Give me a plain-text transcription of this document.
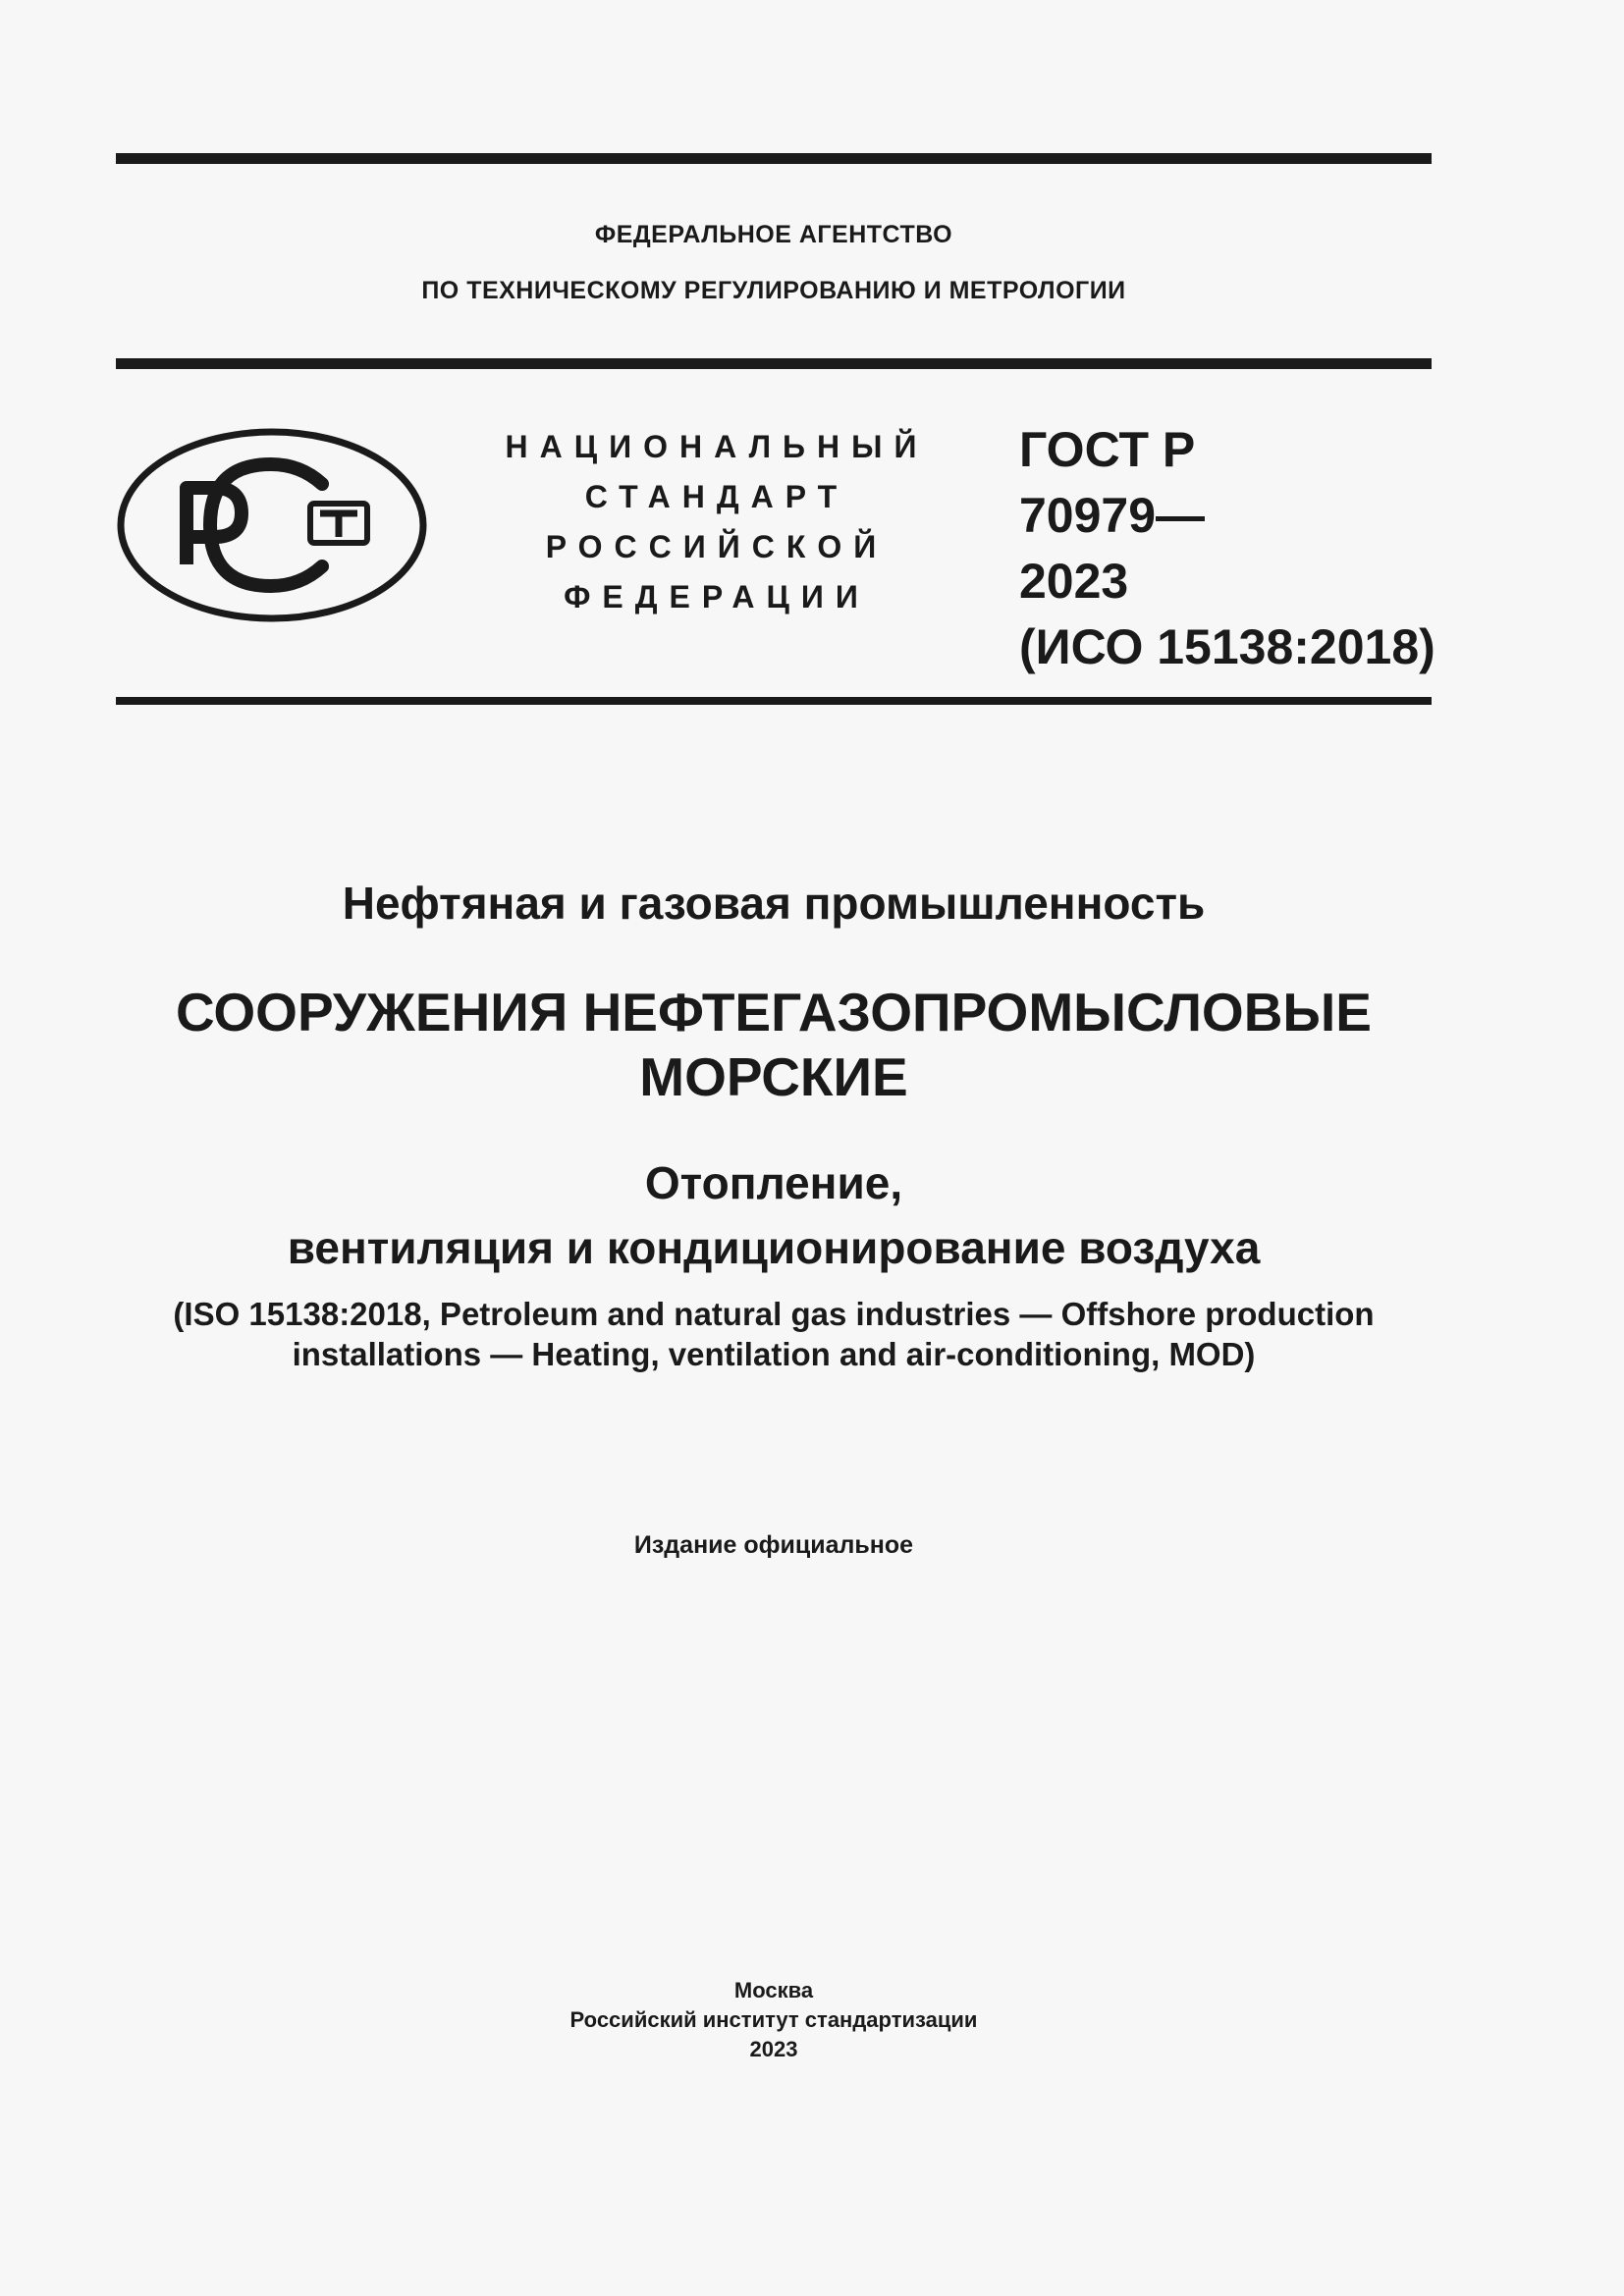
ФЕДЕРАЛЬНОЕ АГЕНТСТВО
ПО ТЕХНИЧЕСКОМУ РЕГУЛИРОВАНИЮ И МЕТРОЛОГИИ
НАЦИОНАЛЬНЫЙ
СТАНДАРТ
РОССИЙСКОЙ
ФЕДЕРАЦИИ
ГОСТ Р
70979—
2023
(ИСО 15138:2018)
Нефтяная и газовая промышленность
СООРУЖЕНИЯ НЕФТЕГАЗОПРОМЫСЛОВЫЕ
МОРСКИЕ
Отопление,
вентиляция и кондиционирование воздуха
(ISO 15138:2018, Petroleum and natural gas industries — Offshore production
installations — Heating, ventilation and air-conditioning, MOD)
Издание официальное
Москва
Российский институт стандартизации
2023
